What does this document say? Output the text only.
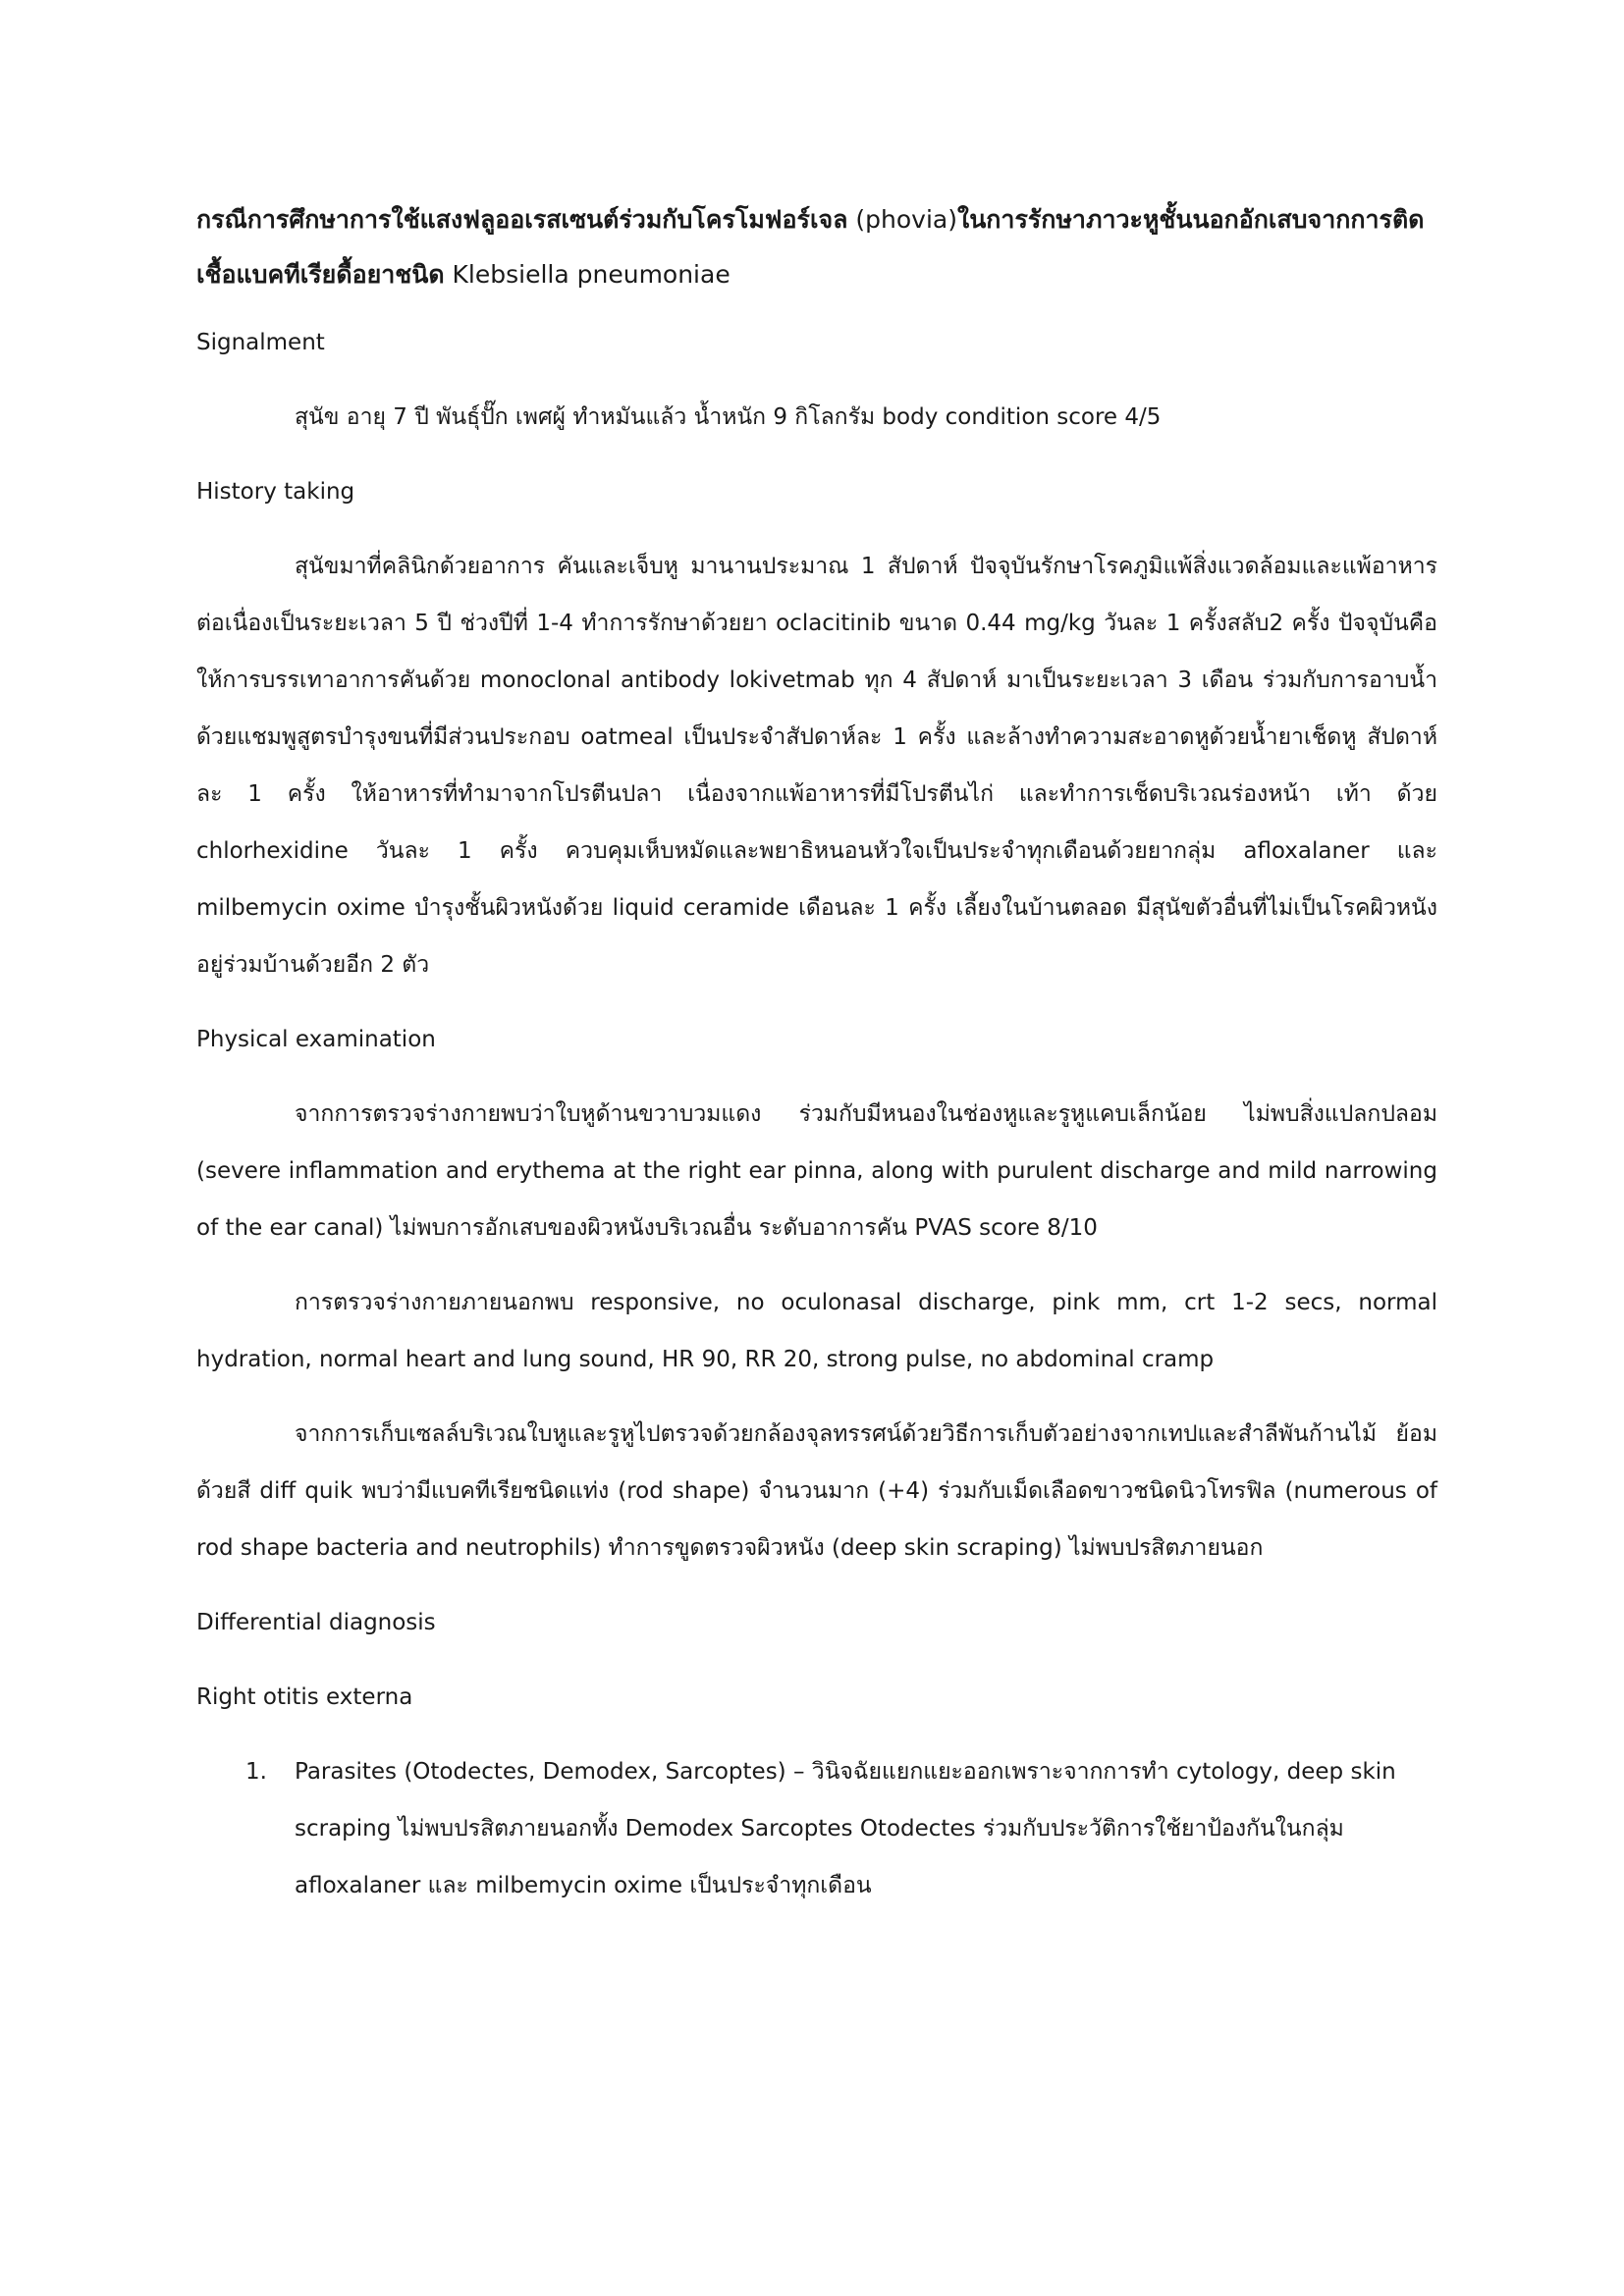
กรณีการศึกษาการใช้แสงฟลูออเรสเซนต์ร่วมกับโครโมฟอร์เจล (phovia)ในการรักษาภาวะหูชั้นนอกอักเสบจากการติดเชื้อแบคทีเรียดื้อยาชนิด Klebsiella pneumoniae

Signalment

สุนัข อายุ 7 ปี พันธุ์ปั๊ก เพศผู้ ทำหมันแล้ว น้ำหนัก 9 กิโลกรัม body condition score 4/5

History taking

สุนัขมาที่คลินิกด้วยอาการ คันและเจ็บหู มานานประมาณ 1 สัปดาห์ ปัจจุบันรักษาโรคภูมิแพ้สิ่งแวดล้อมและแพ้อาหารต่อเนื่องเป็นระยะเวลา 5 ปี ช่วงปีที่ 1-4 ทำการรักษาด้วยยา oclacitinib ขนาด 0.44 mg/kg วันละ 1 ครั้งสลับ2 ครั้ง ปัจจุบันคือให้การบรรเทาอาการคันด้วย monoclonal antibody lokivetmab ทุก 4 สัปดาห์ มาเป็นระยะเวลา 3 เดือน ร่วมกับการอาบน้ำด้วยแชมพูสูตรบำรุงขนที่มีส่วนประกอบ oatmeal เป็นประจำสัปดาห์ละ 1 ครั้ง และล้างทำความสะอาดหูด้วยน้ำยาเช็ดหู สัปดาห์ละ 1 ครั้ง ให้อาหารที่ทำมาจากโปรตีนปลา เนื่องจากแพ้อาหารที่มีโปรตีนไก่ และทำการเช็ดบริเวณร่องหน้า เท้า ด้วย chlorhexidine วันละ 1 ครั้ง ควบคุมเห็บหมัดและพยาธิหนอนหัวใจเป็นประจำทุกเดือนด้วยยากลุ่ม afloxalaner และ milbemycin oxime บำรุงชั้นผิวหนังด้วย liquid ceramide เดือนละ 1 ครั้ง เลี้ยงในบ้านตลอด มีสุนัขตัวอื่นที่ไม่เป็นโรคผิวหนังอยู่ร่วมบ้านด้วยอีก 2 ตัว

Physical examination

จากการตรวจร่างกายพบว่าใบหูด้านขวาบวมแดง ร่วมกับมีหนองในช่องหูและรูหูแคบเล็กน้อย ไม่พบสิ่งแปลกปลอม (severe inflammation and erythema at the right ear pinna, along with purulent discharge and mild narrowing of the ear canal) ไม่พบการอักเสบของผิวหนังบริเวณอื่น ระดับอาการคัน PVAS score 8/10

การตรวจร่างกายภายนอกพบ responsive, no oculonasal discharge, pink mm, crt 1-2 secs, normal hydration, normal heart and lung sound, HR 90, RR 20, strong pulse, no abdominal cramp

จากการเก็บเซลล์บริเวณใบหูและรูหูไปตรวจด้วยกล้องจุลทรรศน์ด้วยวิธีการเก็บตัวอย่างจากเทปและสำลีพันก้านไม้ ย้อมด้วยสี diff quik พบว่ามีแบคทีเรียชนิดแท่ง (rod shape) จำนวนมาก (+4) ร่วมกับเม็ดเลือดขาวชนิดนิวโทรฟิล (numerous of rod shape bacteria and neutrophils) ทำการขูดตรวจผิวหนัง (deep skin scraping) ไม่พบปรสิตภายนอก

Differential diagnosis
Right otitis externa
1.	Parasites (Otodectes, Demodex, Sarcoptes) – วินิจฉัยแยกแยะออกเพราะจากการทำ cytology, deep skin scraping ไม่พบปรสิตภายนอกทั้ง Demodex Sarcoptes Otodectes ร่วมกับประวัติการใช้ยาป้องกันในกลุ่ม afloxalaner และ milbemycin oxime เป็นประจำทุกเดือน
